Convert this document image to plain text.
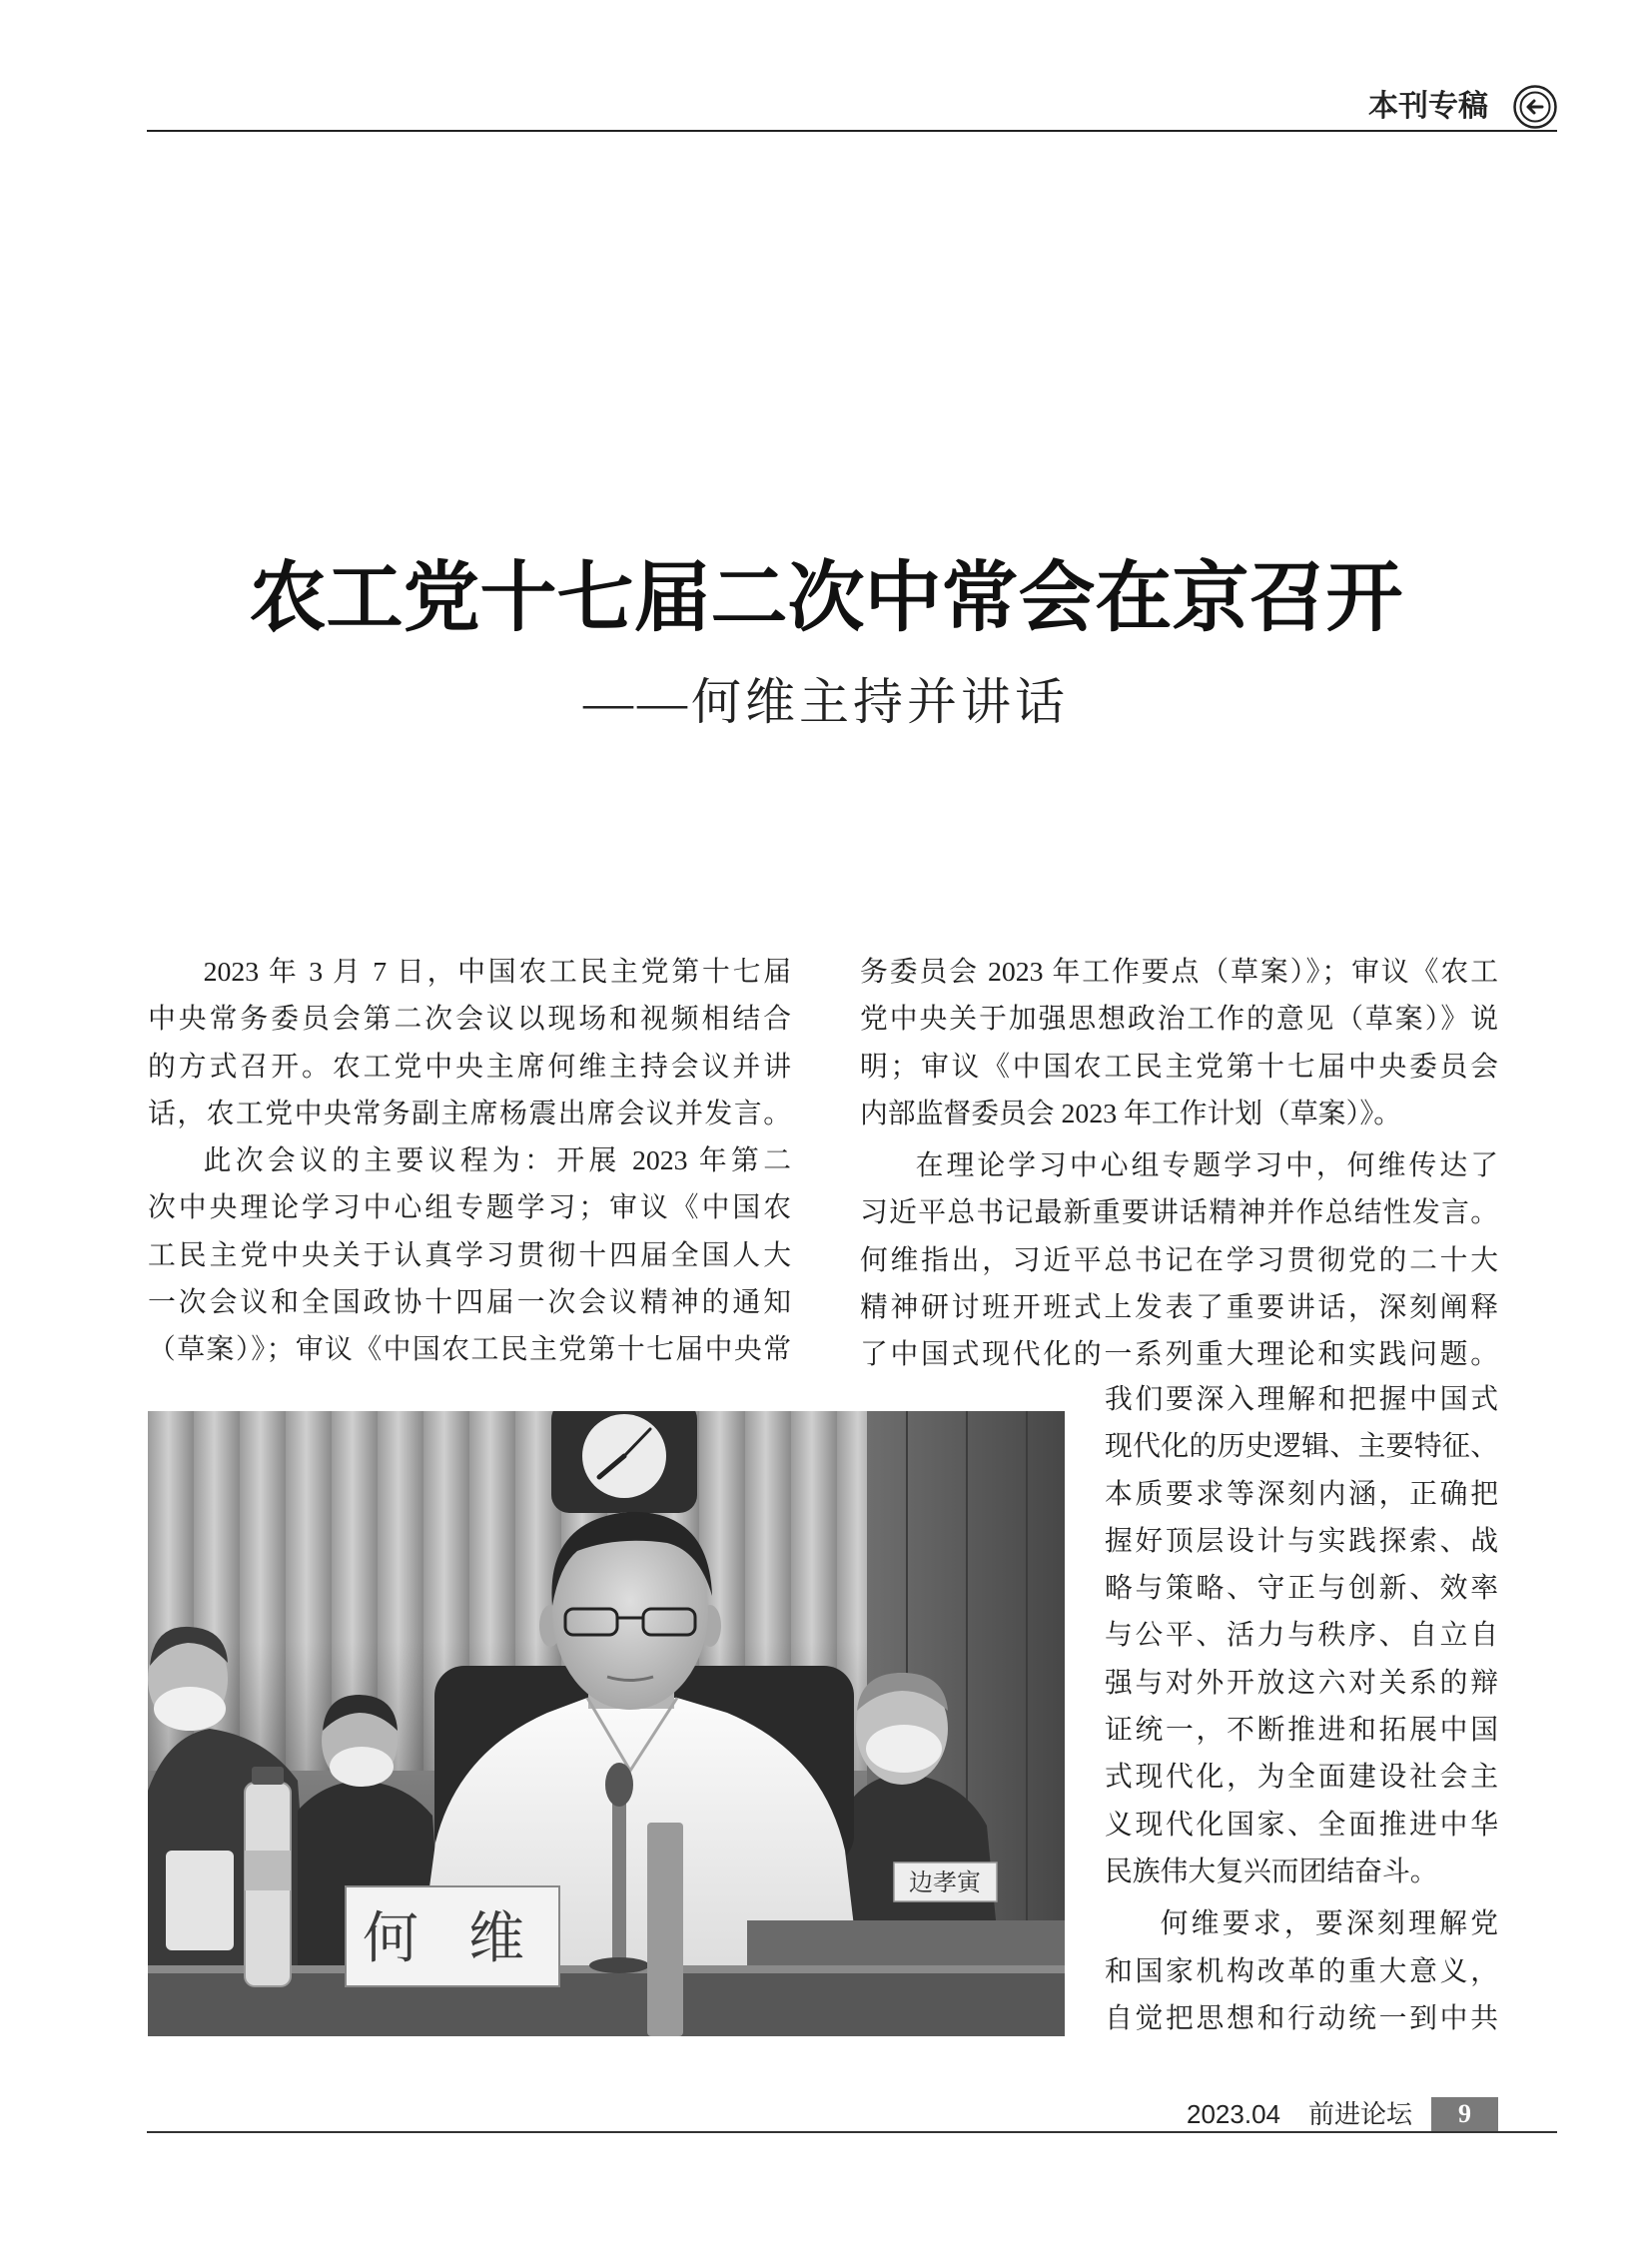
本刊专稿
农工党十七届二次中常会在京召开
——何维主持并讲话
2023 年 3 月 7 日，中国农工民主党第十七届
中央常务委员会第二次会议以现场和视频相结合
的方式召开。农工党中央主席何维主持会议并讲
话，农工党中央常务副主席杨震出席会议并发言。
此次会议的主要议程为：开展 2023 年第二
次中央理论学习中心组专题学习；审议《中国农
工民主党中央关于认真学习贯彻十四届全国人大
一次会议和全国政协十四届一次会议精神的通知
（草案）》；审议《中国农工民主党第十七届中央常
务委员会 2023 年工作要点（草案）》；审议《农工
党中央关于加强思想政治工作的意见（草案）》说
明；审议《中国农工民主党第十七届中央委员会
内部监督委员会 2023 年工作计划（草案）》。
在理论学习中心组专题学习中，何维传达了
习近平总书记最新重要讲话精神并作总结性发言。
何维指出，习近平总书记在学习贯彻党的二十大
精神研讨班开班式上发表了重要讲话，深刻阐释
了中国式现代化的一系列重大理论和实践问题。
我们要深入理解和把握中国式
现代化的历史逻辑、主要特征、
本质要求等深刻内涵，正确把
握好顶层设计与实践探索、战
略与策略、守正与创新、效率
与公平、活力与秩序、自立自
强与对外开放这六对关系的辩
证统一，不断推进和拓展中国
式现代化，为全面建设社会主
义现代化国家、全面推进中华
民族伟大复兴而团结奋斗。
何维要求，要深刻理解党
和国家机构改革的重大意义，
自觉把思想和行动统一到中共
何 维
边孝寅
2023.04 前进论坛	9
